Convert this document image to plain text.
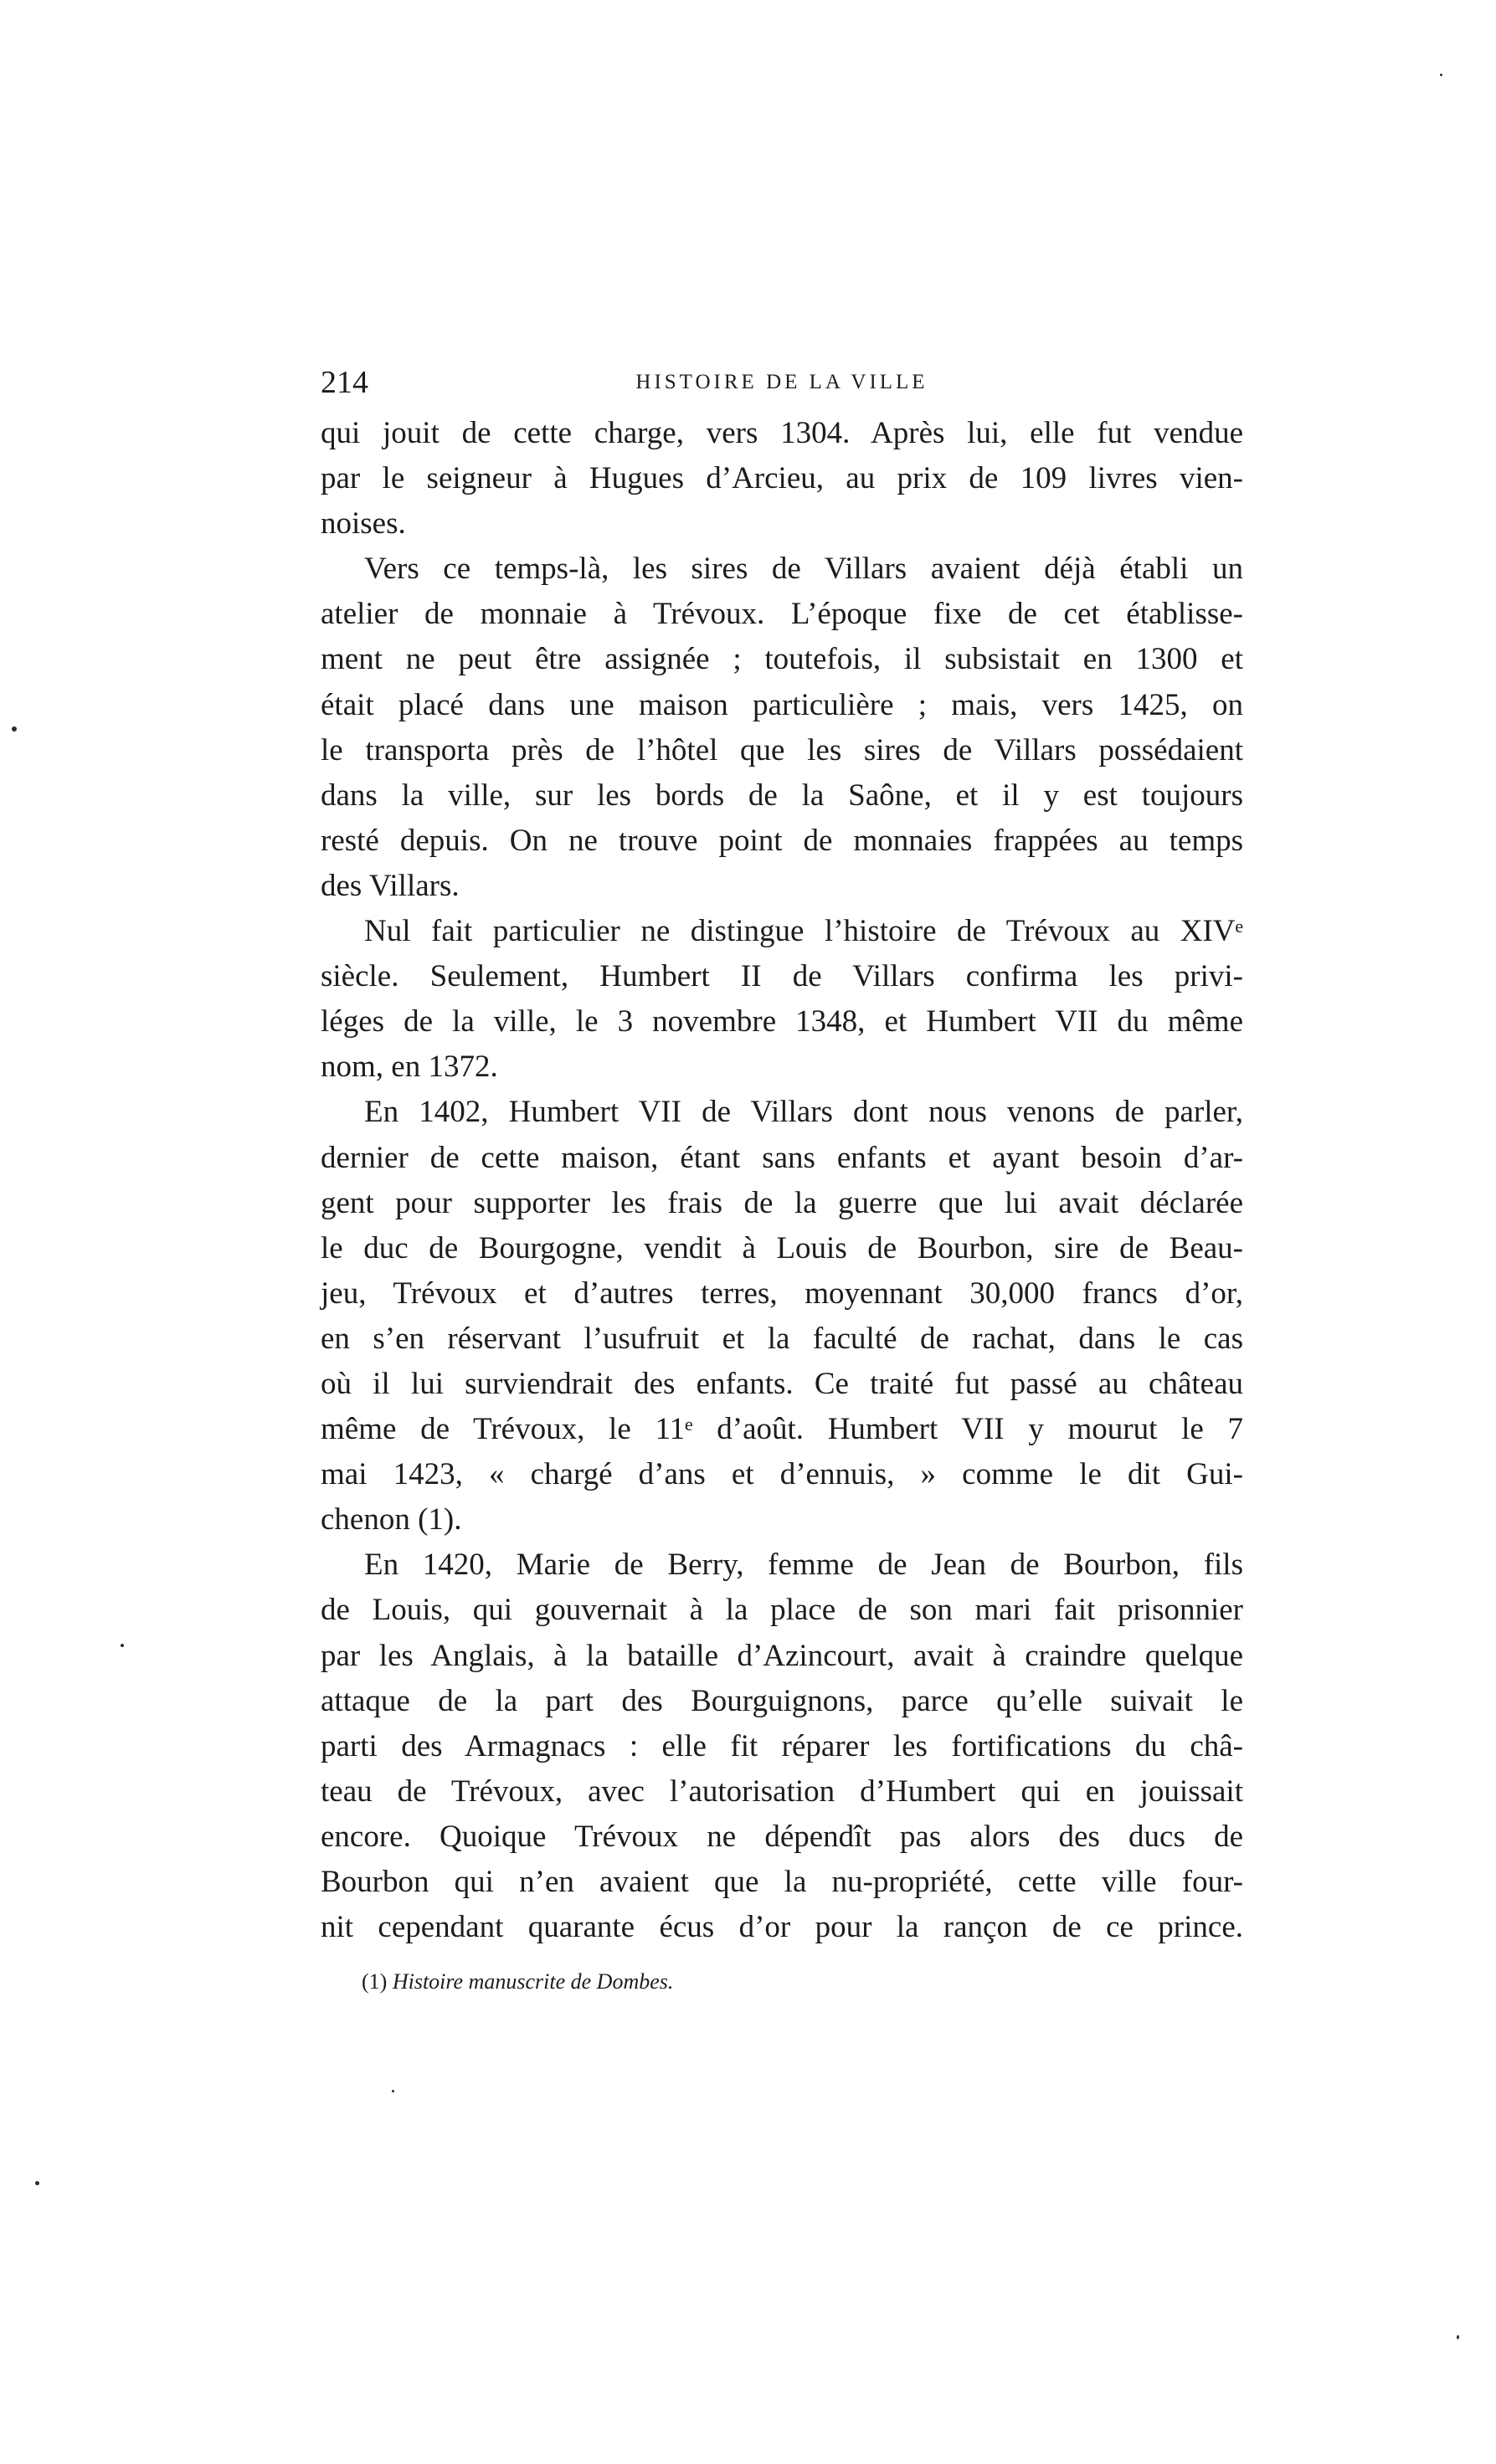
214	HISTOIRE DE LA VILLE
qui jouit de cette charge, vers 1304. Après lui, elle fut vendue
par le seigneur à Hugues d’Arcieu, au prix de 109 livres vien-
noises.
Vers ce temps-là, les sires de Villars avaient déjà établi un
atelier de monnaie à Trévoux. L’époque fixe de cet établisse-
ment ne peut être assignée ; toutefois, il subsistait en 1300 et
était placé dans une maison particulière ; mais, vers 1425, on
le transporta près de l’hôtel que les sires de Villars possédaient
dans la ville, sur les bords de la Saône, et il y est toujours
resté depuis. On ne trouve point de monnaies frappées au temps
des Villars.
Nul fait particulier ne distingue l’histoire de Trévoux au XIVᵉ
siècle. Seulement, Humbert II de Villars confirma les privi-
léges de la ville, le 3 novembre 1348, et Humbert VII du même
nom, en 1372.
En 1402, Humbert VII de Villars dont nous venons de parler,
dernier de cette maison, étant sans enfants et ayant besoin d’ar-
gent pour supporter les frais de la guerre que lui avait déclarée
le duc de Bourgogne, vendit à Louis de Bourbon, sire de Beau-
jeu, Trévoux et d’autres terres, moyennant 30,000 francs d’or,
en s’en réservant l’usufruit et la faculté de rachat, dans le cas
où il lui surviendrait des enfants. Ce traité fut passé au château
même de Trévoux, le 11ᵉ d’août. Humbert VII y mourut le 7
mai 1423, « chargé d’ans et d’ennuis, » comme le dit Gui-
chenon (1).
En 1420, Marie de Berry, femme de Jean de Bourbon, fils
de Louis, qui gouvernait à la place de son mari fait prisonnier
par les Anglais, à la bataille d’Azincourt, avait à craindre quelque
attaque de la part des Bourguignons, parce qu’elle suivait le
parti des Armagnacs : elle fit réparer les fortifications du châ-
teau de Trévoux, avec l’autorisation d’Humbert qui en jouissait
encore. Quoique Trévoux ne dépendît pas alors des ducs de
Bourbon qui n’en avaient que la nu-propriété, cette ville four-
nit cependant quarante écus d’or pour la rançon de ce prince.
(1) Histoire manuscrite de Dombes.
